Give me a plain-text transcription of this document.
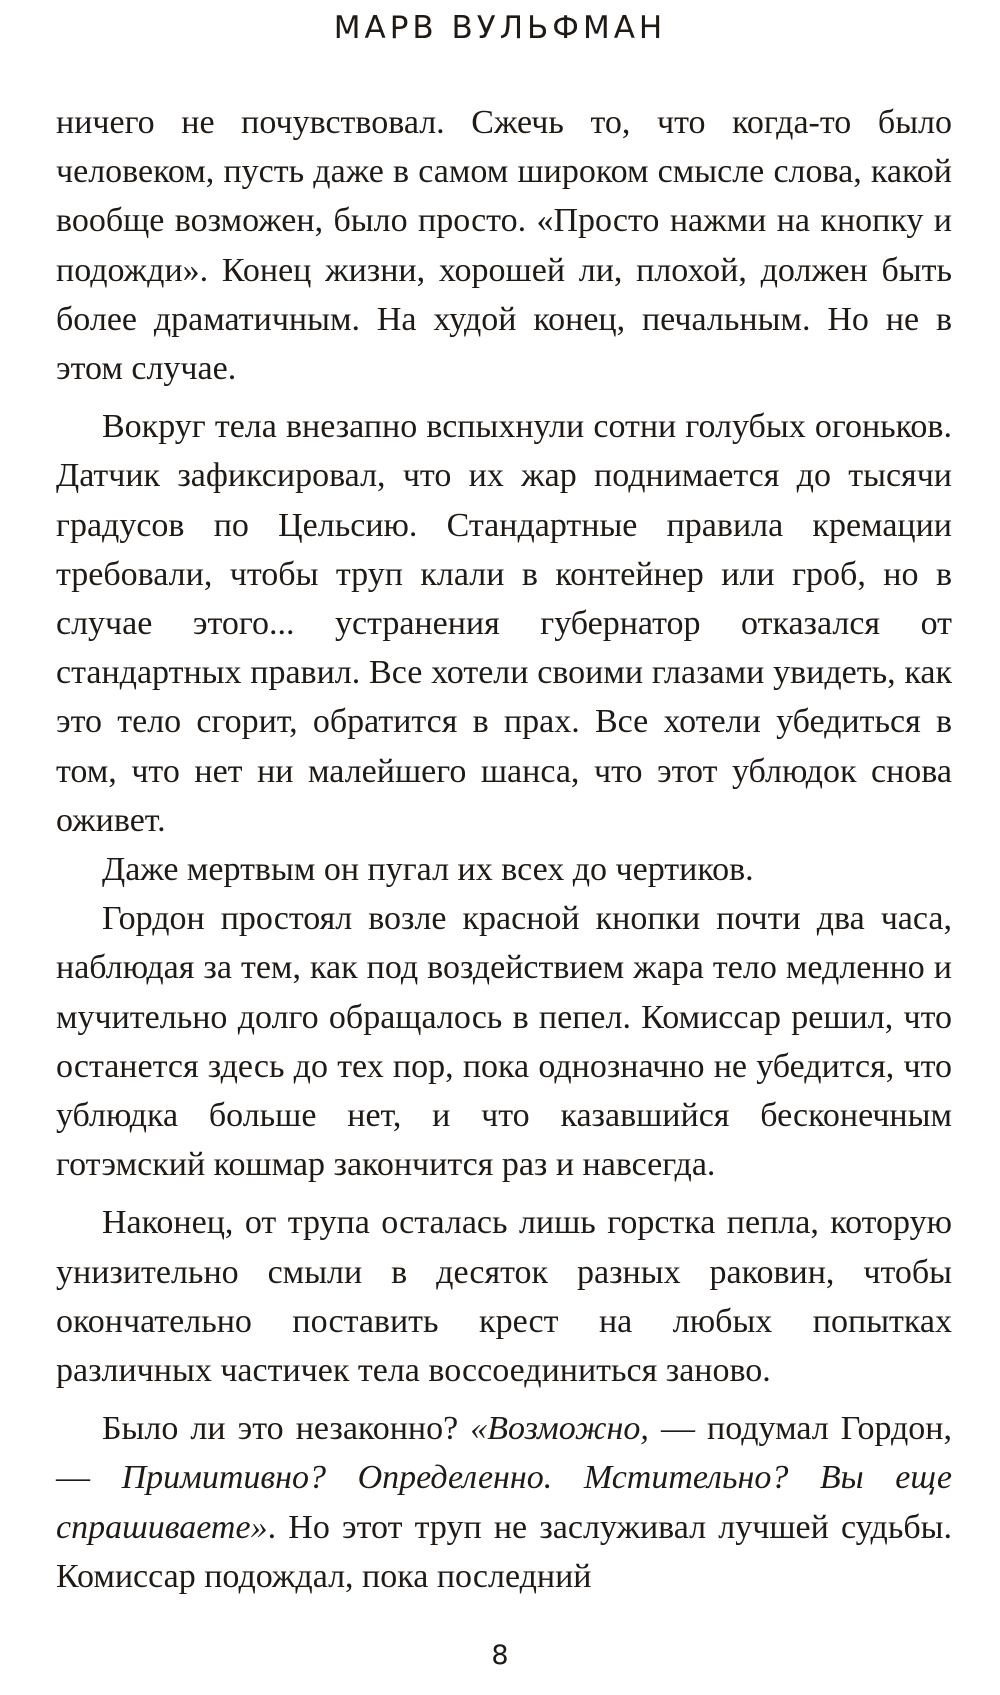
МАРВ ВУЛЬФМАН

ничего не почувствовал. Сжечь то, что когда-то было человеком, пусть даже в самом широком смысле слова, какой вообще возможен, было просто. «Просто нажми на кнопку и подожди». Конец жизни, хорошей ли, плохой, должен быть более драматичным. На худой конец, печальным. Но не в этом случае.

Вокруг тела внезапно вспыхнули сотни голубых огоньков. Датчик зафиксировал, что их жар поднимается до тысячи градусов по Цельсию. Стандартные правила кремации требовали, чтобы труп клали в контейнер или гроб, но в случае этого... устранения губернатор отказался от стандартных правил. Все хотели своими глазами увидеть, как это тело сгорит, обратится в прах. Все хотели убедиться в том, что нет ни малейшего шанса, что этот ублюдок снова оживет.

Даже мертвым он пугал их всех до чертиков.

Гордон простоял возле красной кнопки почти два часа, наблюдая за тем, как под воздействием жара тело медленно и мучительно долго обращалось в пепел. Комиссар решил, что останется здесь до тех пор, пока однозначно не убедится, что ублюдка больше нет, и что казавшийся бесконечным готэмский кошмар закончится раз и навсегда.

Наконец, от трупа осталась лишь горстка пепла, которую унизительно смыли в десяток разных раковин, чтобы окончательно поставить крест на любых попытках различных частичек тела воссоединиться заново.

Было ли это незаконно? «Возможно, — подумал Гордон, — Примитивно? Определенно. Мстительно? Вы еще спрашиваете». Но этот труп не заслуживал лучшей судьбы. Комиссар подождал, пока последний

8
